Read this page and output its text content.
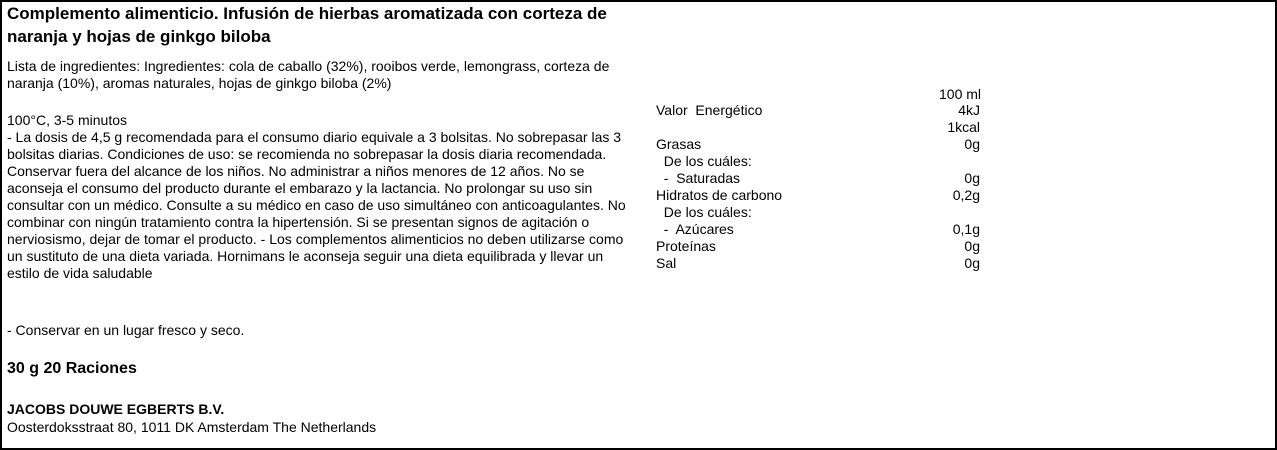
Complemento alimenticio. Infusión de hierbas aromatizada con corteza de naranja y hojas de ginkgo biloba
Lista de ingredientes: Ingredientes: cola de caballo (32%), rooibos verde, lemongrass, corteza de naranja (10%), aromas naturales, hojas de ginkgo biloba (2%)
100°C, 3-5 minutos
- La dosis de 4,5 g recomendada para el consumo diario equivale a 3 bolsitas. No sobrepasar las 3 bolsitas diarias. Condiciones de uso: se recomienda no sobrepasar la dosis diaria recomendada. Conservar fuera del alcance de los niños. No administrar a niños menores de 12 años. No se aconseja el consumo del producto durante el embarazo y la lactancia. No prolongar su uso sin consultar con un médico. Consulte a su médico en caso de uso simultáneo con anticoagulantes. No combinar con ningún tratamiento contra la hipertensión. Si se presentan signos de agitación o nerviosismo, dejar de tomar el producto. - Los complementos alimenticios no deben utilizarse como un sustituto de una dieta variada. Hornimans le aconseja seguir una dieta equilibrada y llevar un estilo de vida saludable
- Conservar en un lugar fresco y seco.
30 g 20 Raciones
JACOBS DOUWE EGBERTS B.V.
Oosterdoksstraat 80, 1011 DK Amsterdam The Netherlands
100 ml
Valor  Energético	4kJ
1kcal
Grasas	0g
De los cuáles:
-  Saturadas	0g
Hidratos de carbono	0,2g
De los cuáles:
-  Azúcares	0,1g
Proteínas	0g
Sal	0g
